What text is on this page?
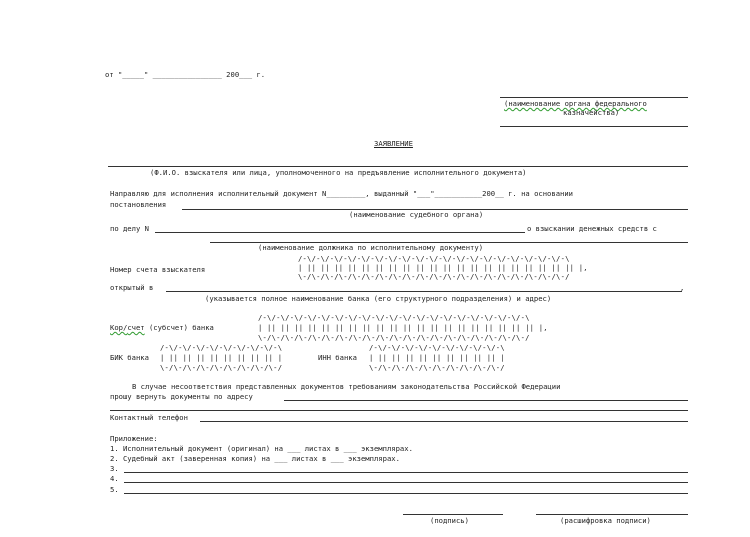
от "_____" ________________ 200___ г.
(наименование органа федерального
казначейства)
ЗАЯВЛЕНИЕ
(Ф.И.О. взыскателя или лица, уполномоченного на предъявление исполнительного документа)
Направляю для исполнения исполнительный документ N_________, выданный "___"___________200__ г. на основании
постановления
(наименование судебного органа)
по делу N	о взыскании денежных средств с
(наименование должника по исполнительному документу)
Номер счета взыскателя
/-\/-\/-\/-\/-\/-\/-\/-\/-\/-\/-\/-\/-\/-\/-\/-\/-\/-\/-\/-\
| || || || || || || || || || || || || || || || || || || || || |,
\-/\-/\-/\-/\-/\-/\-/\-/\-/\-/\-/\-/\-/\-/\-/\-/\-/\-/\-/\-/
открытый в	,
(указывается полное наименование банка (его структурного подразделения) и адрес)
/-\/-\/-\/-\/-\/-\/-\/-\/-\/-\/-\/-\/-\/-\/-\/-\/-\/-\/-\/-\
Кор/счет (субсчет) банка	| || || || || || || || || || || || || || || || || || || || || |,
\-/\-/\-/\-/\-/\-/\-/\-/\-/\-/\-/\-/\-/\-/\-/\-/\-/\-/\-/\-/
/-\/-\/-\/-\/-\/-\/-\/-\/-\	/-\/-\/-\/-\/-\/-\/-\/-\/-\/-\
БИК банка | || || || || || || || || |	ИНН банка | || || || || || || || || || |
\-/\-/\-/\-/\-/\-/\-/\-/\-/	\-/\-/\-/\-/\-/\-/\-/\-/\-/\-/
В случае несоответствия представленных документов требованиям законодательства Российской Федерации
прошу вернуть документы по адресу
Контактный телефон
Приложение:
1. Исполнительный документ (оригинал) на ___ листах в ___ экземплярах.
2. Судебный акт (заверенная копия) на ___ листах в ___ экземплярах.
3.
4.
5.
(подпись)	(расшифровка подписи)
